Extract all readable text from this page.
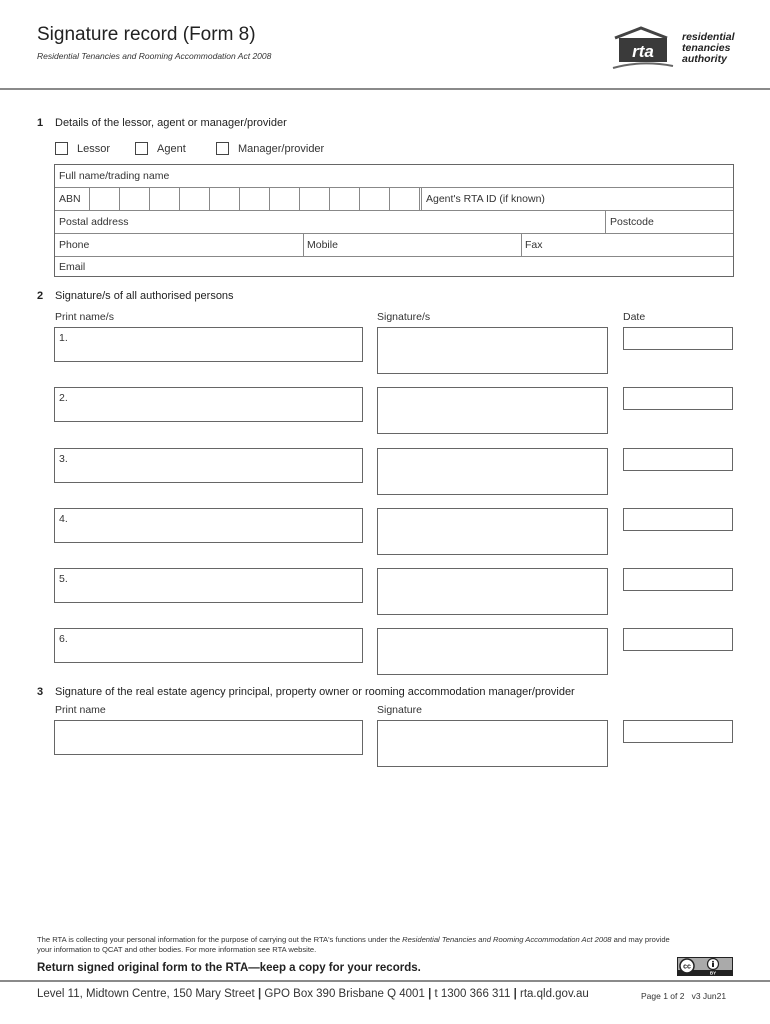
Signature record (Form 8)
Residential Tenancies and Rooming Accommodation Act 2008	rta
residential
tenancies
authority
1 Details of the lessor, agent or manager/provider
Lessor	Agent	Manager/provider
Full name/trading name
ABN	Agent's RTA ID (if known)
Postal address	Postcode
Phone	Mobile	Fax
Email
2 Signature/s of all authorised persons
Print name/s	Signature/s	Date
1.
2.
3.
4.
5.
6.
3 Signature of the real estate agency principal, property owner or rooming accommodation manager/provider
Print name	Signature
The RTA is collecting your personal information for the purpose of carrying out the RTA's functions under the Residential Tenancies and Rooming Accommodation Act 2008 and may provide your information to QCAT and other bodies. For more information see RTA website.
Return signed original form to the RTA—keep a copy for your records.	cc
BY
Level 11, Midtown Centre, 150 Mary Street | GPO Box 390 Brisbane Q 4001 | t 1300 366 311 | rta.qld.gov.au	Page 1 of 2 v3 Jun21
